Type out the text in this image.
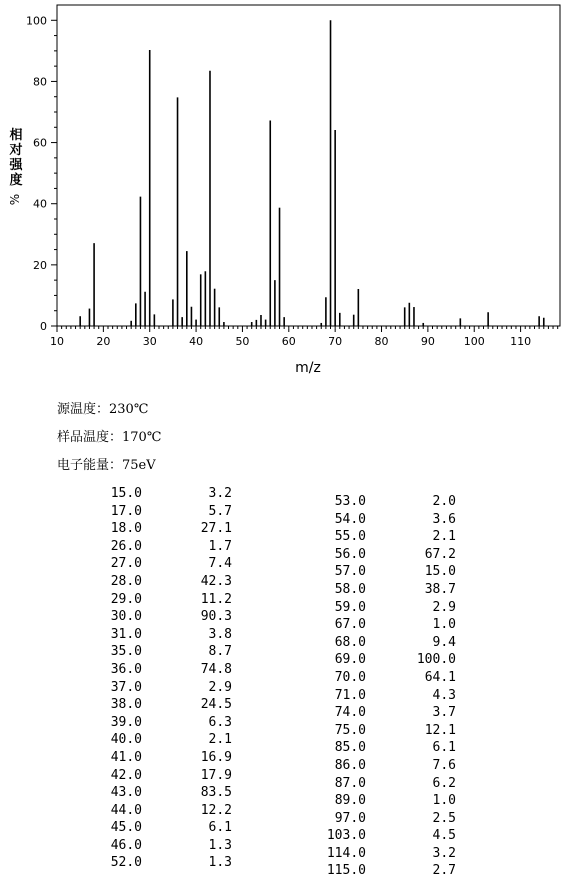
10	20	30	40	50	60	70	80	90	100 110
0
20
40
60
80
100
m/z
相
对
强
度
%
源温度：230℃
样品温度：170℃
电子能量：75eV
15.0	3.2
17.0	5.7
18.0	27.1
26.0	1.7
27.0	7.4
28.0	42.3
29.0	11.2
30.0	90.3
31.0	3.8
35.0	8.7
36.0	74.8
37.0	2.9
38.0	24.5
39.0	6.3
40.0	2.1
41.0	16.9
42.0	17.9
43.0	83.5
44.0	12.2
45.0	6.1
46.0	1.3
52.0	1.3
53.0	2.0
54.0	3.6
55.0	2.1
56.0	67.2
57.0	15.0
58.0	38.7
59.0	2.9
67.0	1.0
68.0	9.4
69.0	100.0
70.0	64.1
71.0	4.3
74.0	3.7
75.0	12.1
85.0	6.1
86.0	7.6
87.0	6.2
89.0	1.0
97.0	2.5
103.0	4.5
114.0	3.2
115.0	2.7
